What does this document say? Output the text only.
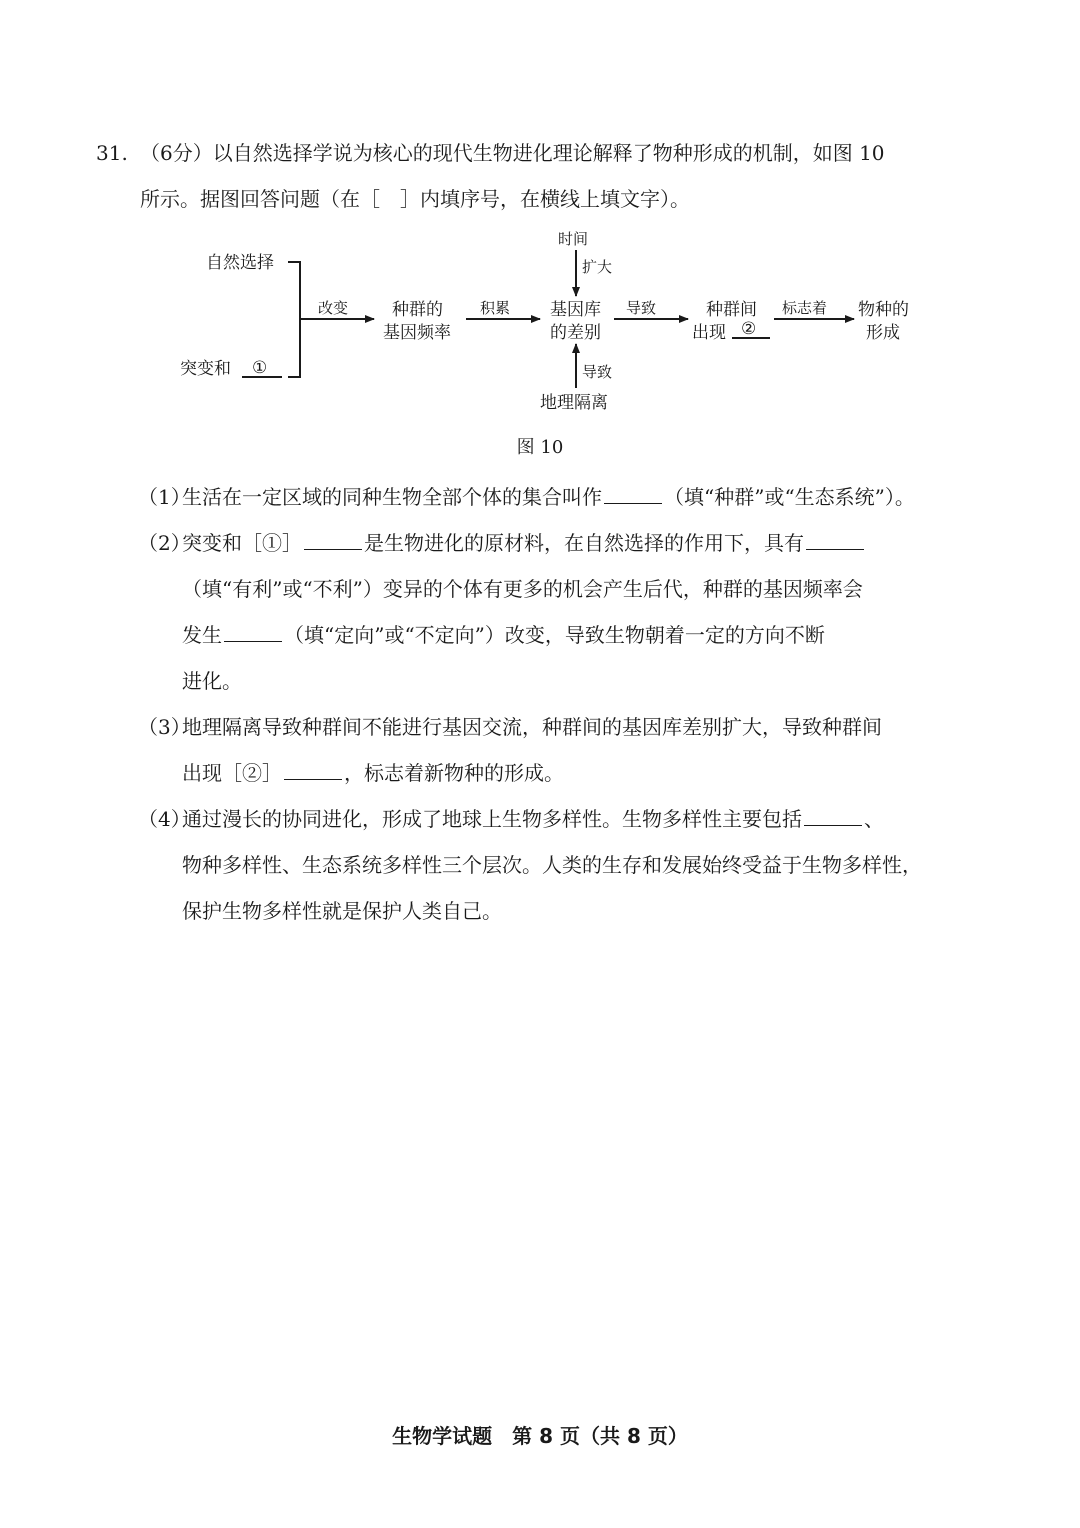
31. （6分）以自然选择学说为核心的现代生物进化理论解释了物种形成的机制，如图 10
所示。据图回答问题（在［　］内填序号，在横线上填文字）。
自然选择
突变和 ①
改变	种群的
基因频率
积累 基因库
的差别
时间
扩大
导致
导致
地理隔离
种群间
出现 ②
标志着 物种的
形成
图 10
（1）
生活在一定区域的同种生物全部个体的集合叫作	（填“种群”或“生态系统”）。
（2）
突变和［①］	是生物进化的原材料，在自然选择的作用下，具有
（填“有利”或“不利”）变异的个体有更多的机会产生后代，种群的基因频率会
发生	（填“定向”或“不定向”）改变，导致生物朝着一定的方向不断
进化。
（3）
地理隔离导致种群间不能进行基因交流，种群间的基因库差别扩大，导致种群间
出现［②］	，标志着新物种的形成。
（4）
通过漫长的协同进化，形成了地球上生物多样性。生物多样性主要包括	、
物种多样性、生态系统多样性三个层次。人类的生存和发展始终受益于生物多样性，
保护生物多样性就是保护人类自己。
生物学试题　第 8 页（共 8 页）
